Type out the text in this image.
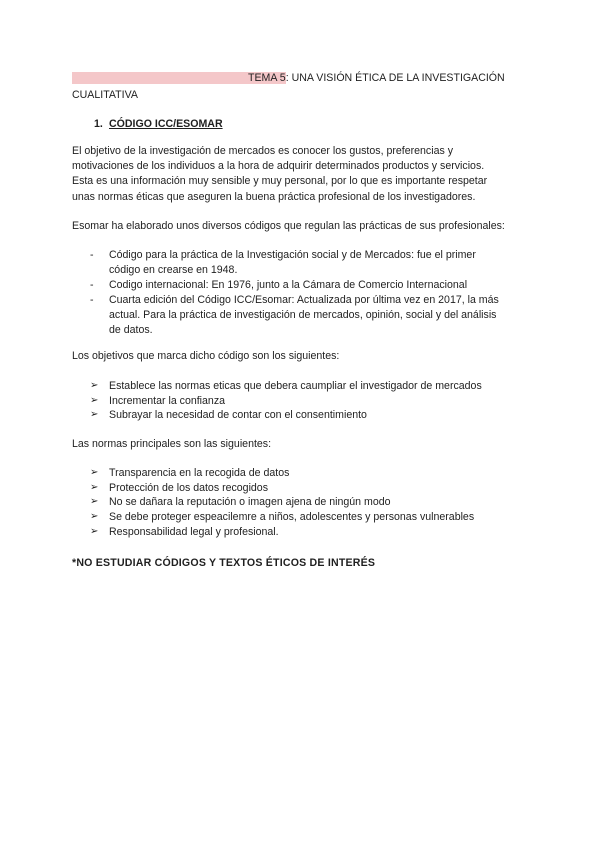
TEMA 5: UNA VISIÓN ÉTICA DE LA INVESTIGACIÓN
CUALITATIVA
1. CÓDIGO ICC/ESOMAR
El objetivo de la investigación de mercados es conocer los gustos, preferencias y
motivaciones de los individuos a la hora de adquirir determinados productos y servicios.
Esta es una información muy sensible y muy personal, por lo que es importante respetar
unas normas éticas que aseguren la buena práctica profesional de los investigadores.
Esomar ha elaborado unos diversos códigos que regulan las prácticas de sus profesionales:
- Código para la práctica de la Investigación social y de Mercados: fue el primer
código en crearse en 1948.
- Codigo internacional: En 1976, junto a la Cámara de Comercio Internacional
- Cuarta edición del Código ICC/Esomar: Actualizada por última vez en 2017, la más
actual. Para la práctica de investigación de mercados, opinión, social y del análisis
de datos.
Los objetivos que marca dicho código son los siguientes:
➢ Establece las normas eticas que debera caumpliar el investigador de mercados
➢ Incrementar la confianza
➢ Subrayar la necesidad de contar con el consentimiento
Las normas principales son las siguientes:
➢ Transparencia en la recogida de datos
➢ Protección de los datos recogidos
➢ No se dañara la reputación o imagen ajena de ningún modo
➢ Se debe proteger espeacilemre a niños, adolescentes y personas vulnerables
➢ Responsabilidad legal y profesional.
*NO ESTUDIAR CÓDIGOS Y TEXTOS ÉTICOS DE INTERÉS
